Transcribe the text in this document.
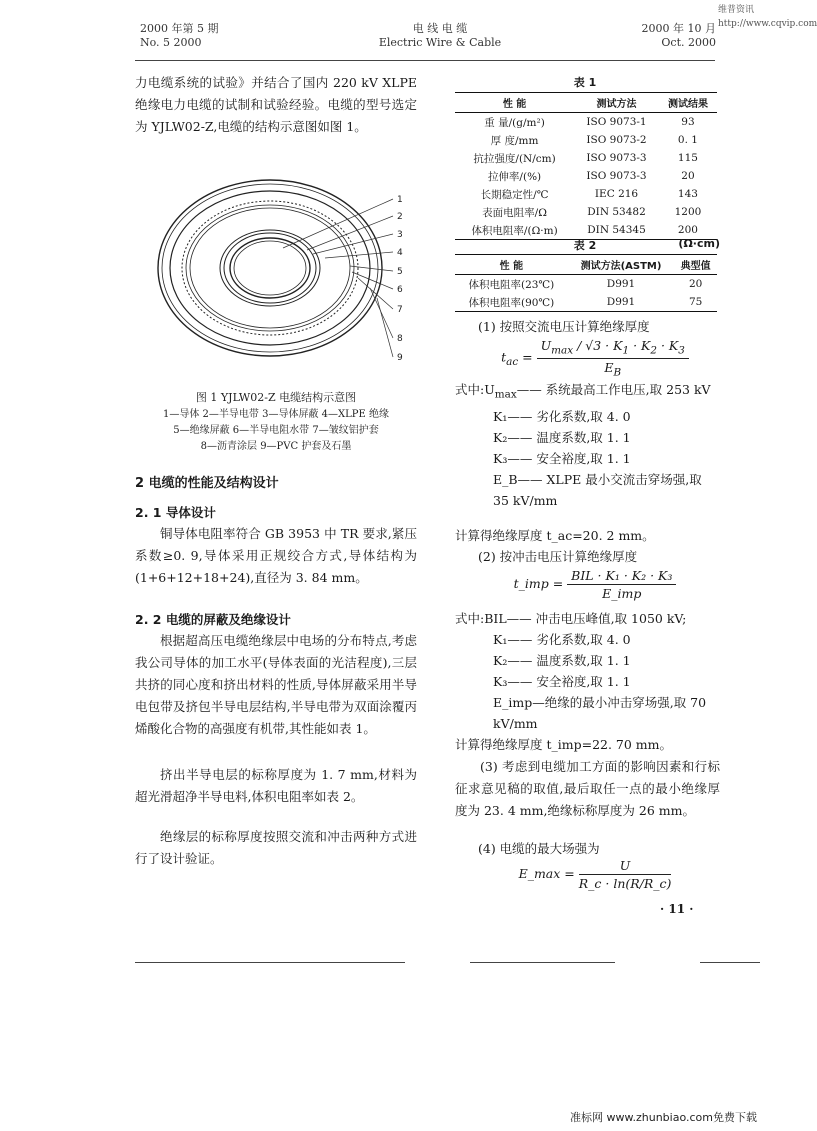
维普资讯 http://www.cqvip.com
2000 年第 5 期
No. 5 2000
电 线 电 缆
Electric Wire & Cable
2000 年 10 月
Oct. 2000
力电缆系统的试验》并结合了国内 220 kV XLPE 绝缘电力电缆的试制和试验经验。电缆的型号选定为 YJLW02-Z,电缆的结构示意图如图 1。
1
2
3
4
5
6
7
8
9
图 1 YJLW02-Z 电缆结构示意图
1—导体 2—半导电带 3—导体屏蔽 4—XLPE 绝缘
5—绝缘屏蔽 6—半导电阻水带 7—皱纹铝护套
8—沥青涂层 9—PVC 护套及石墨
2 电缆的性能及结构设计
2. 1 导体设计
铜导体电阻率符合 GB 3953 中 TR 要求,紧压系数≥0. 9,导体采用正规绞合方式,导体结构为(1+6+12+18+24),直径为 3. 84 mm。
2. 2 电缆的屏蔽及绝缘设计
根据超高压电缆绝缘层中电场的分布特点,考虑我公司导体的加工水平(导体表面的光洁程度),三层共挤的同心度和挤出材料的性质,导体屏蔽采用半导电包带及挤包半导电层结构,半导电带为双面涂覆丙烯酸化合物的高强度有机带,其性能如表 1。
挤出半导电层的标称厚度为 1. 7 mm,材料为超光滑超净半导电料,体积电阻率如表 2。
绝缘层的标称厚度按照交流和冲击两种方式进行了设计验证。
表 1
性 能	测试方法	测试结果
重 量/(g/m²)	ISO 9073-1	93
厚 度/mm	ISO 9073-2	0. 1
抗拉强度/(N/cm)	ISO 9073-3	115
拉伸率/(%)	ISO 9073-3	20
长期稳定性/℃	IEC 216	143
表面电阻率/Ω	DIN 53482	1200
体积电阻率/(Ω·m)	DIN 54345	200
表 2	(Ω·cm)
性 能	测试方法(ASTM)	典型值
体积电阻率(23℃)	D991	20
体积电阻率(90℃)	D991	75
(1) 按照交流电压计算绝缘厚度
$t_{ac} = \frac{U_{max} / √3 \cdot K_1 \cdot K_2 \cdot K_3}{E_B}$
式中$:U_{max}——$ 系统最高工作电压,取 253 kV
K₁—— 劣化系数,取 4. 0
K₂—— 温度系数,取 1. 1
K₃—— 安全裕度,取 1. 1
E_B—— XLPE 最小交流击穿场强,取 35 kV/mm
计算得绝缘厚度 t_ac=20. 2 mm。
(2) 按冲击电压计算绝缘厚度
t_imp = $\frac{\text{BIL · K₁ · K₂ · K₃}}{\text{E\_imp}}$
式中:BIL—— 冲击电压峰值,取 1050 kV;
K₁—— 劣化系数,取 4. 0
K₂—— 温度系数,取 1. 1
K₃—— 安全裕度,取 1. 1
E_imp—绝缘的最小冲击穿场强,取 70 kV/mm
计算得绝缘厚度 t_imp=22. 70 mm。
(3) 考虑到电缆加工方面的影响因素和行标征求意见稿的取值,最后取任一点的最小绝缘厚度为 23. 4 mm,绝缘标称厚度为 26 mm。
(4) 电缆的最大场强为
E_max = $\frac{U}{R\_c \cdot \ln(R/R\_c)}$
· 11 ·
准标网 www.zhunbiao.com免费下载
